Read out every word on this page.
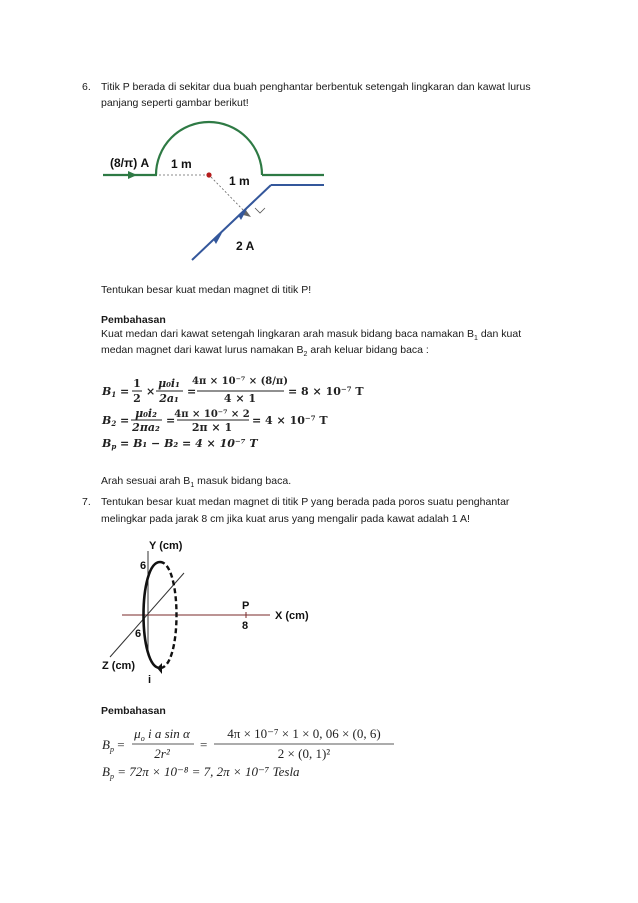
6. Titik P berada di sekitar dua buah penghantar berbentuk setengah lingkaran dan kawat lurus
panjang seperti gambar berikut!
(8/π) A 1 m
1 m
2 A
Tentukan besar kuat medan magnet di titik P!
Pembahasan
Kuat medan dari kawat setengah lingkaran arah masuk bidang baca namakan $B_1$ dan kuat
medan magnet dari kawat lurus namakan $B_2$ arah keluar bidang baca :
B1 =
1
2
×
μ₀i₁
2a₁
=
4π × 10⁻⁷ × (8/π)
4 × 1
= 8 × 10⁻⁷ T
B2 =
μ₀i₂
2πa₂
= 4π × 10⁻⁷ × 2
2π × 1
= 4 × 10⁻⁷ T
Bp = B₁ − B₂ = 4 × 10⁻⁷ T
Arah sesuai arah $B_1$ masuk bidang baca.
7. Tentukan besar kuat medan magnet di titik P yang berada pada poros suatu penghantar
melingkar pada jarak 8 cm jika kuat arus yang mengalir pada kawat adalah 1 A!
Y (cm)
X (cm)
Z (cm)
6
6
P
8
i
Pembahasan
$B_p$ =
$\mu_o$ i a sin α
2r²
=
4π × 10⁻⁷ × 1 × 0, 06 × (0, 6)
2 × (0, 1)²
$B_p = 72\pi \times 10^{-8} = 7$, 2π × 10⁻⁷ Tesla
